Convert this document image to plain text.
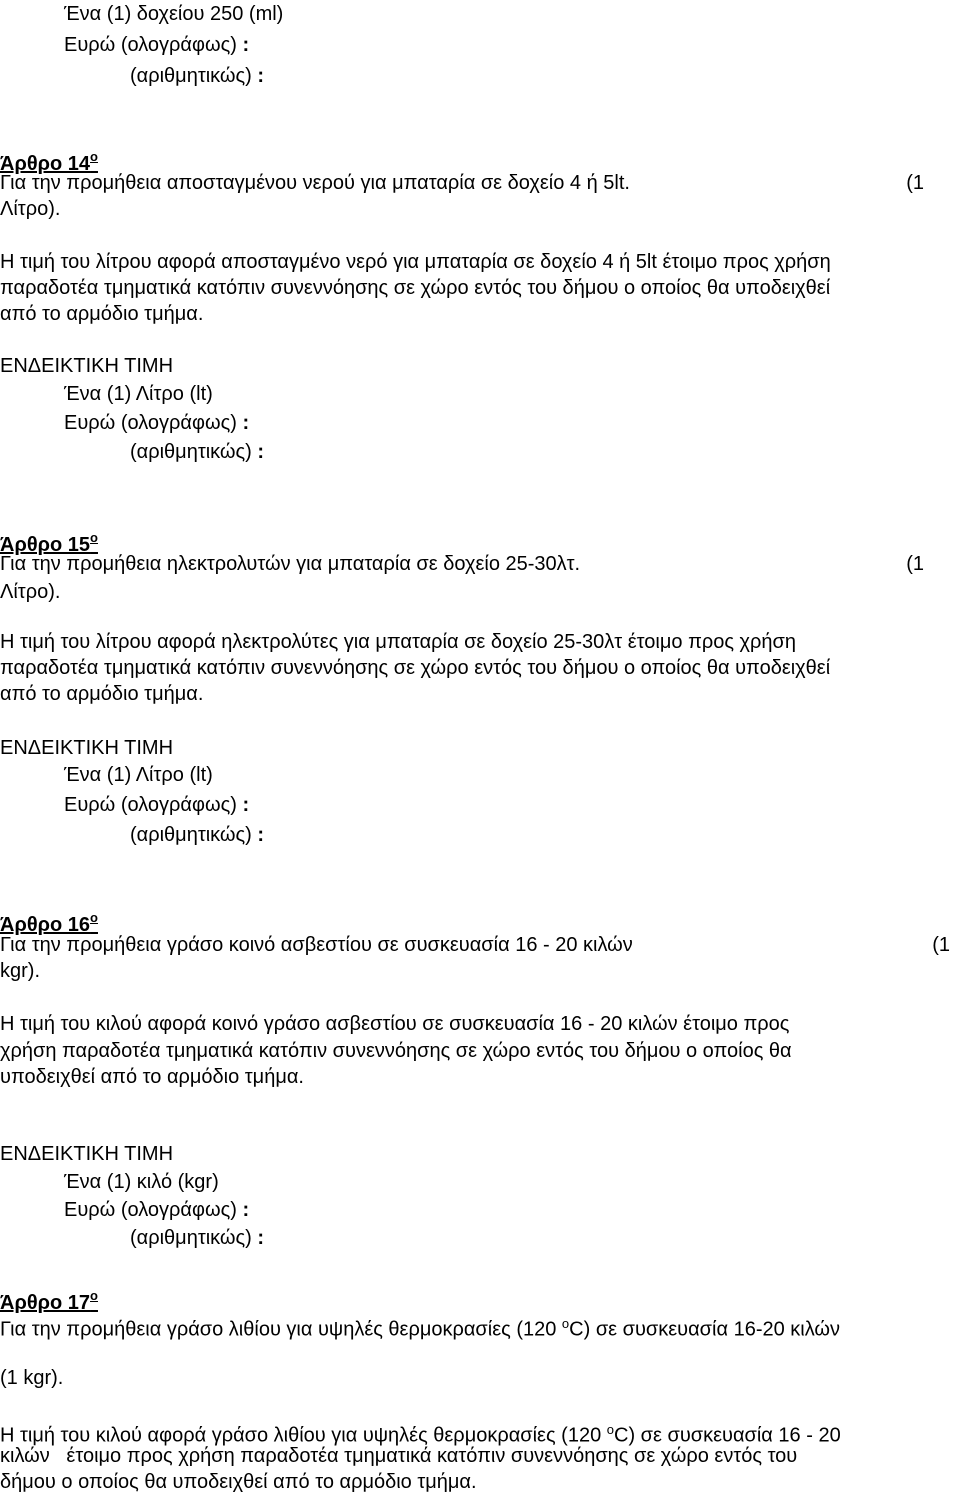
Ένα (1) δοχείου 250 (ml)
Ευρώ (ολογράφως) :
(αριθμητικώς) :
Άρθρο $14^o$
Για την προμήθεια αποσταγμένου νερού για μπαταρία σε δοχείο 4 ή 5lt.	(1
Λίτρο).
Η τιμή του λίτρου αφορά αποσταγμένο νερό για μπαταρία σε δοχείο 4 ή 5lt έτοιμο προς χρήση
παραδοτέα τμηματικά κατόπιν συνεννόησης σε χώρο εντός του δήμου ο οποίος θα υποδειχθεί
από το αρμόδιο τμήμα.
ΕΝΔΕΙΚΤΙΚΗ ΤΙΜΗ
Ένα (1) Λίτρο (lt)
Ευρώ (ολογράφως) :
(αριθμητικώς) :
Άρθρο $15^o$
Για την προμήθεια ηλεκτρολυτών για μπαταρία σε δοχείο 25-30λτ.	(1
Λίτρο).
Η τιμή του λίτρου αφορά ηλεκτρολύτες για μπαταρία σε δοχείο 25-30λτ έτοιμο προς χρήση
παραδοτέα τμηματικά κατόπιν συνεννόησης σε χώρο εντός του δήμου ο οποίος θα υποδειχθεί
από το αρμόδιο τμήμα.
ΕΝΔΕΙΚΤΙΚΗ ΤΙΜΗ
Ένα (1) Λίτρο (lt)
Ευρώ (ολογράφως) :
(αριθμητικώς) :
Άρθρο $16^o$
Για την προμήθεια γράσο κοινό ασβεστίου σε συσκευασία 16 - 20 κιλών	(1
kgr).
Η τιμή του κιλού αφορά κοινό γράσο ασβεστίου σε συσκευασία 16 - 20 κιλών έτοιμο προς
χρήση παραδοτέα τμηματικά κατόπιν συνεννόησης σε χώρο εντός του δήμου ο οποίος θα
υποδειχθεί από το αρμόδιο τμήμα.
ΕΝΔΕΙΚΤΙΚΗ ΤΙΜΗ
Ένα (1) κιλό (kgr)
Ευρώ (ολογράφως) :
(αριθμητικώς) :
Άρθρο $17^o$
Για την προμήθεια γράσο λιθίου για υψηλές θερμοκρασίες (120 $^o$C) σε συσκευασία 16-20 κιλών
(1 kgr).
Η τιμή του κιλού αφορά γράσο λιθίου για υψηλές θερμοκρασίες (120 $^o$C) σε συσκευασία 16 - 20
κιλών   έτοιμο προς χρήση παραδοτέα τμηματικά κατόπιν συνεννόησης σε χώρο εντός του
δήμου ο οποίος θα υποδειχθεί από το αρμόδιο τμήμα.
